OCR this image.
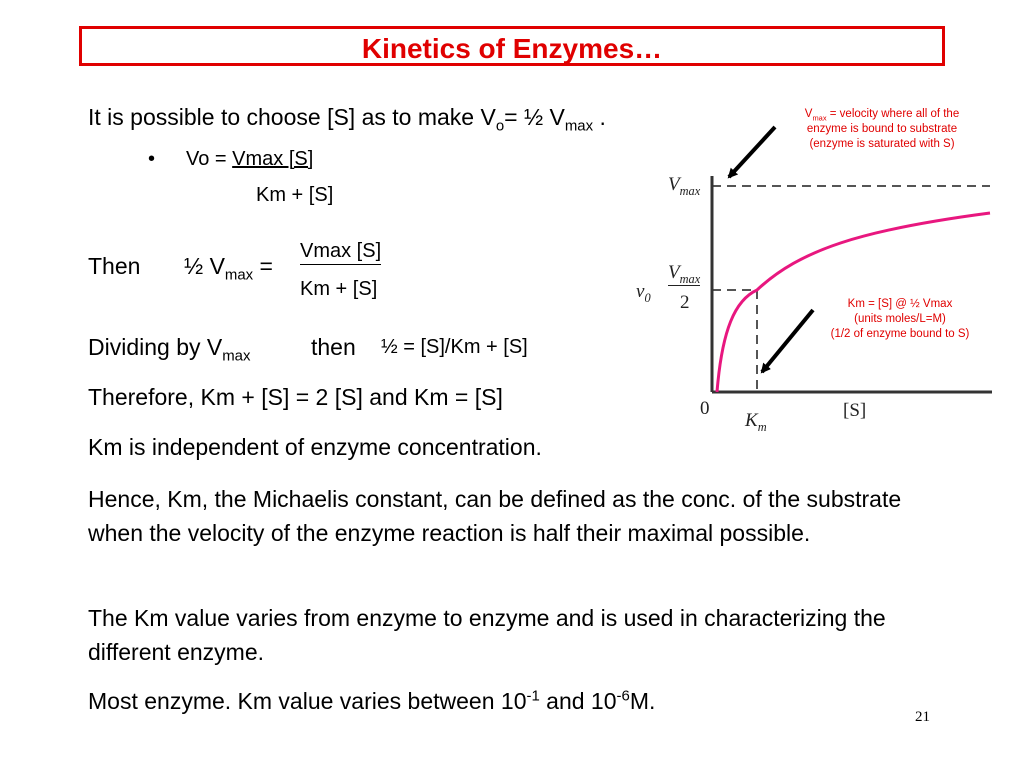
Kinetics of Enzymes…
It is possible to choose [S] as to make $V_o=$ ½ $V_{max}$ .
• Vo = Vmax [S]
Km + [S]
Then ½ $V_{max}$ =
Vmax [S]
Km + [S]
Dividing by $V_{max}$	then ½ = [S]/Km + [S]
Therefore, Km + [S] = 2 [S] and Km = [S]
Km is independent of enzyme concentration.
Hence, Km, the Michaelis constant, can be defined as the conc. of the substrate when the velocity of the enzyme reaction is half their maximal possible.
The Km value varies from enzyme to enzyme and is used in characterizing the different enzyme.
Most enzyme. Km value varies between $10^{-1}$ and $10^{-6}M$.
$V_{max}$ = velocity where all of the
enzyme is bound to substrate
(enzyme is saturated with S)
Km = [S] @ ½ Vmax
(units moles/L=M)
(1/2 of enzyme bound to S)
$V_{max}$
$V_{max}$
2
$v_0$
0
$K_m$
[S]
21
